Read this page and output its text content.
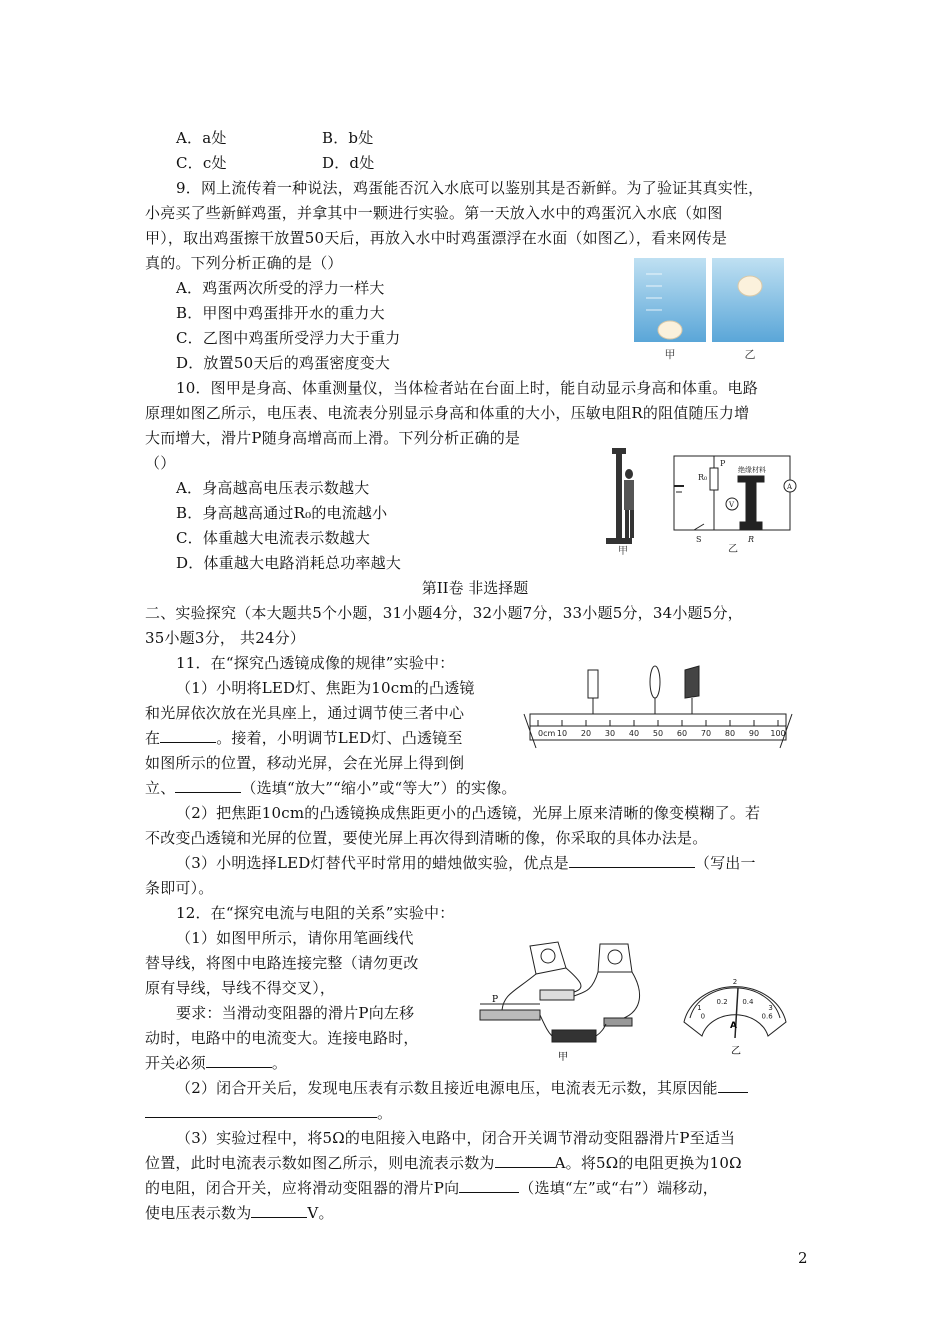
A．a处	B．b处
C．c处	D．d处
9．网上流传着一种说法，鸡蛋能否沉入水底可以鉴别其是否新鲜。为了验证其真实性，
小亮买了些新鲜鸡蛋，并拿其中一颗进行实验。第一天放入水中的鸡蛋沉入水底（如图
甲），取出鸡蛋擦干放置50天后，再放入水中时鸡蛋漂浮在水面（如图乙），看来网传是
真的。下列分析正确的是（）
A．鸡蛋两次所受的浮力一样大
B．甲图中鸡蛋排开水的重力大
C．乙图中鸡蛋所受浮力大于重力
D．放置50天后的鸡蛋密度变大	甲	乙
10．图甲是身高、体重测量仪，当体检者站在台面上时，能自动显示身高和体重。电路
原理如图乙所示，电压表、电流表分别显示身高和体重的大小，压敏电阻R的阻值随压力增
大而增大，滑片P随身高增高而上滑。下列分析正确的是
（）
A．身高越高电压表示数越大
B．身高越高通过R₀的电流越小
C．体重越大电流表示数越大
D．体重越大电路消耗总功率越大
甲
R₀
P
绝缘材料
V
A
S	R
乙
第II卷 非选择题
二、实验探究（本大题共5个小题，31小题4分，32小题7分，33小题5分，34小题5分，
35小题3分， 共24分）
11．在“探究凸透镜成像的规律”实验中：
（1）小明将LED灯、焦距为10cm的凸透镜
和光屏依次放在光具座上，通过调节使三者中心
在	。接着，小明调节LED灯、凸透镜至
如图所示的位置，移动光屏，会在光屏上得到倒
立、	（选填“放大”“缩小”或“等大”）的实像。
（2）把焦距10cm的凸透镜换成焦距更小的凸透镜，光屏上原来清晰的像变模糊了。若
不改变凸透镜和光屏的位置，要使光屏上再次得到清晰的像，你采取的具体办法是。
（3）小明选择LED灯替代平时常用的蜡烛做实验，优点是	（写出一
条即可）。
0cm 10 20 30 40 50 60 70 80 90 100
12．在“探究电流与电阻的关系”实验中：
（1）如图甲所示，请你用笔画线代
替导线，将图中电路连接完整（请勿更改
原有导线，导线不得交叉），
要求：当滑动变阻器的滑片P向左移
动时，电路中的电流变大。连接电路时，
开关必须	。
（2）闭合开关后，发现电压表有示数且接近电源电压，电流表无示数，其原因能
。
（3）实验过程中，将5Ω的电阻接入电路中，闭合开关调节滑动变阻器滑片P至适当
位置，此时电流表示数如图乙所示，则电流表示数为	A。将5Ω的电阻更换为10Ω
的电阻，闭合开关，应将滑动变阻器的滑片P向	（选填“左”或“右”）端移动，
使电压表示数为	V。
P
甲
0
0.2 0.4
0.6
1
2
3
A
乙
2
